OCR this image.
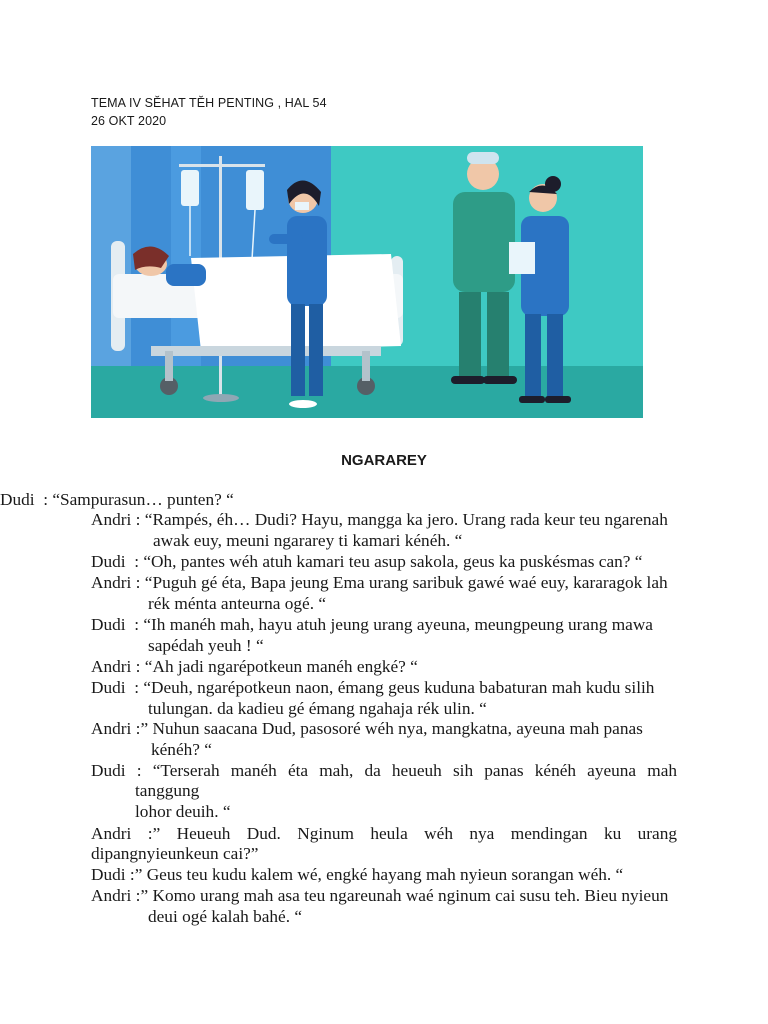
TEMA IV SĔHAT TĔH PENTING , HAL 54
26 OKT 2020
NGARAREY
Dudi : “Sampurasun… punten? “
Andri : “Rampés, éh… Dudi? Hayu, mangga ka jero. Urang rada keur teu ngarenah
awak euy, meuni ngararey ti kamari kénéh. “
Dudi : “Oh, pantes wéh atuh kamari teu asup sakola, geus ka puskésmas can? “
Andri : “Puguh gé éta, Bapa jeung Ema urang saribuk gawé waé euy, kararagok lah
rék ménta anteurna ogé. “
Dudi : “Ih manéh mah, hayu atuh jeung urang ayeuna, meungpeung urang mawa
sapédah yeuh ! “
Andri : “Ah jadi ngarépotkeun manéh engké? “
Dudi : “Deuh, ngarépotkeun naon, émang geus kuduna babaturan mah kudu silih
tulungan. da kadieu gé émang ngahaja rék ulin. “
Andri :” Nuhun saacana Dud, pasosoré wéh nya, mangkatna, ayeuna mah panas
kénéh? “
Dudi : “Terserah manéh éta mah, da heueuh sih panas kénéh ayeuna mah
tanggung
lohor deuih. “
Andri :” Heueuh Dud. Nginum heula wéh nya mendingan ku urang
dipangnyieunkeun cai?”
Dudi :” Geus teu kudu kalem wé, engké hayang mah nyieun sorangan wéh. “
Andri :” Komo urang mah asa teu ngareunah waé nginum cai susu teh. Bieu nyieun
deui ogé kalah bahé. “
